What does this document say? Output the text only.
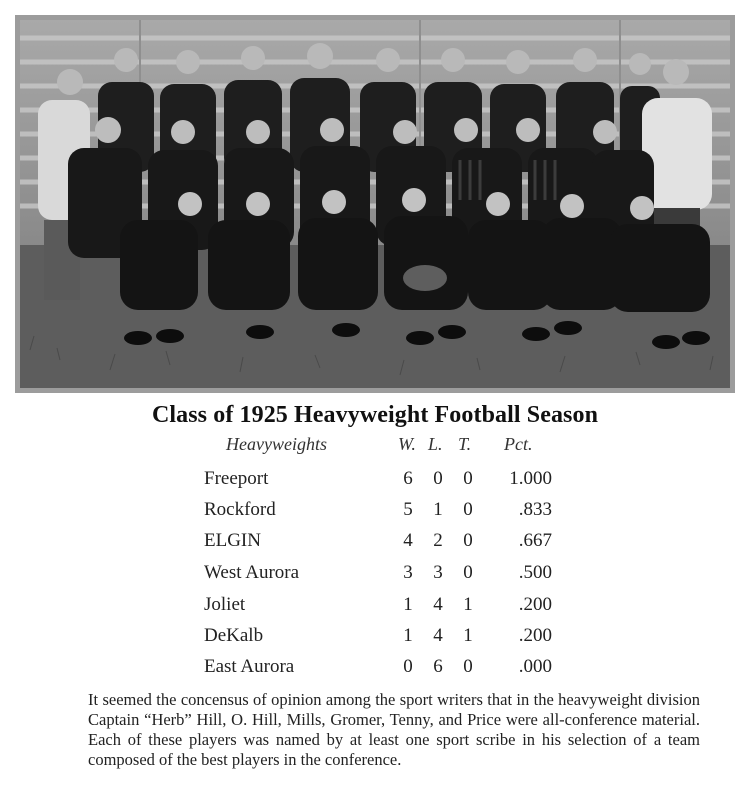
Class of 1925 Heavyweight Football Season
Heavyweights	W. L. T. Pct.
Freeport	6 0 0	1.000
Rockford	5 1 0	.833
ELGIN	4 2 0	.667
West Aurora	3 3 0	.500
Joliet	1 4 1	.200
DeKalb	1 4 1	.200
East Aurora	0 6 0	.000
It seemed the concensus of opinion among the sport writers that in the heavyweight division Captain “Herb” Hill, O. Hill, Mills, Gromer, Tenny, and Price were all-conference material. Each of these players was named by at least one sport scribe in his selection of a team composed of the best players in the conference.
